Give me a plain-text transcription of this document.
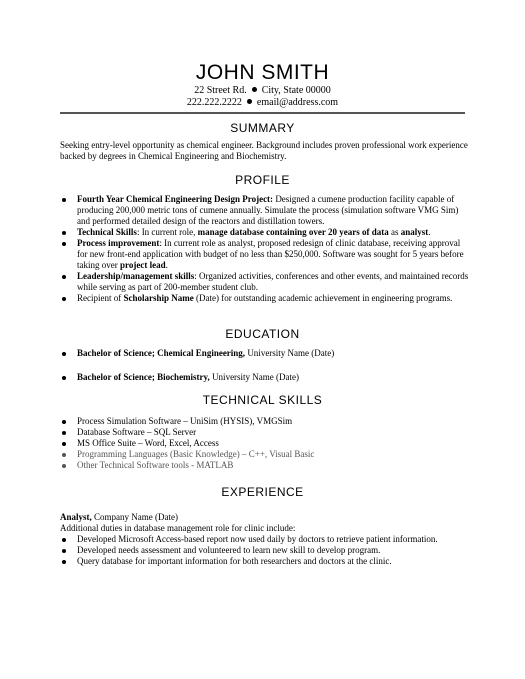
JOHN SMITH
22 Street Rd. City, State 00000
222.222.2222 email@address.com
SUMMARY
Seeking entry-level opportunity as chemical engineer. Background includes proven professional work experience backed by degrees in Chemical Engineering and Biochemistry.
PROFILE
Fourth Year Chemical Engineering Design Project: Designed a cumene production facility capable of producing 200,000 metric tons of cumene annually. Simulate the process (simulation software VMG Sim) and performed detailed design of the reactors and distillation towers.
Technical Skills: In current role, manage database containing over 20 years of data as analyst.
Process improvement: In current role as analyst, proposed redesign of clinic database, receiving approval for new front-end application with budget of no less than $250,000. Software was sought for 5 years before taking over project lead.
Leadership/management skills: Organized activities, conferences and other events, and maintained records while serving as part of 200-member student club.
Recipient of Scholarship Name (Date) for outstanding academic achievement in engineering programs.
EDUCATION
Bachelor of Science; Chemical Engineering, University Name (Date)
Bachelor of Science; Biochemistry, University Name (Date)
TECHNICAL SKILLS
Process Simulation Software – UniSim (HYSIS), VMGSim
Database Software – SQL Server
MS Office Suite – Word, Excel, Access
Programming Languages (Basic Knowledge) – C++, Visual Basic
Other Technical Software tools - MATLAB
EXPERIENCE
Analyst, Company Name (Date)
Additional duties in database management role for clinic include:
Developed Microsoft Access-based report now used daily by doctors to retrieve patient information.
Developed needs assessment and volunteered to learn new skill to develop program.
Query database for important information for both researchers and doctors at the clinic.
